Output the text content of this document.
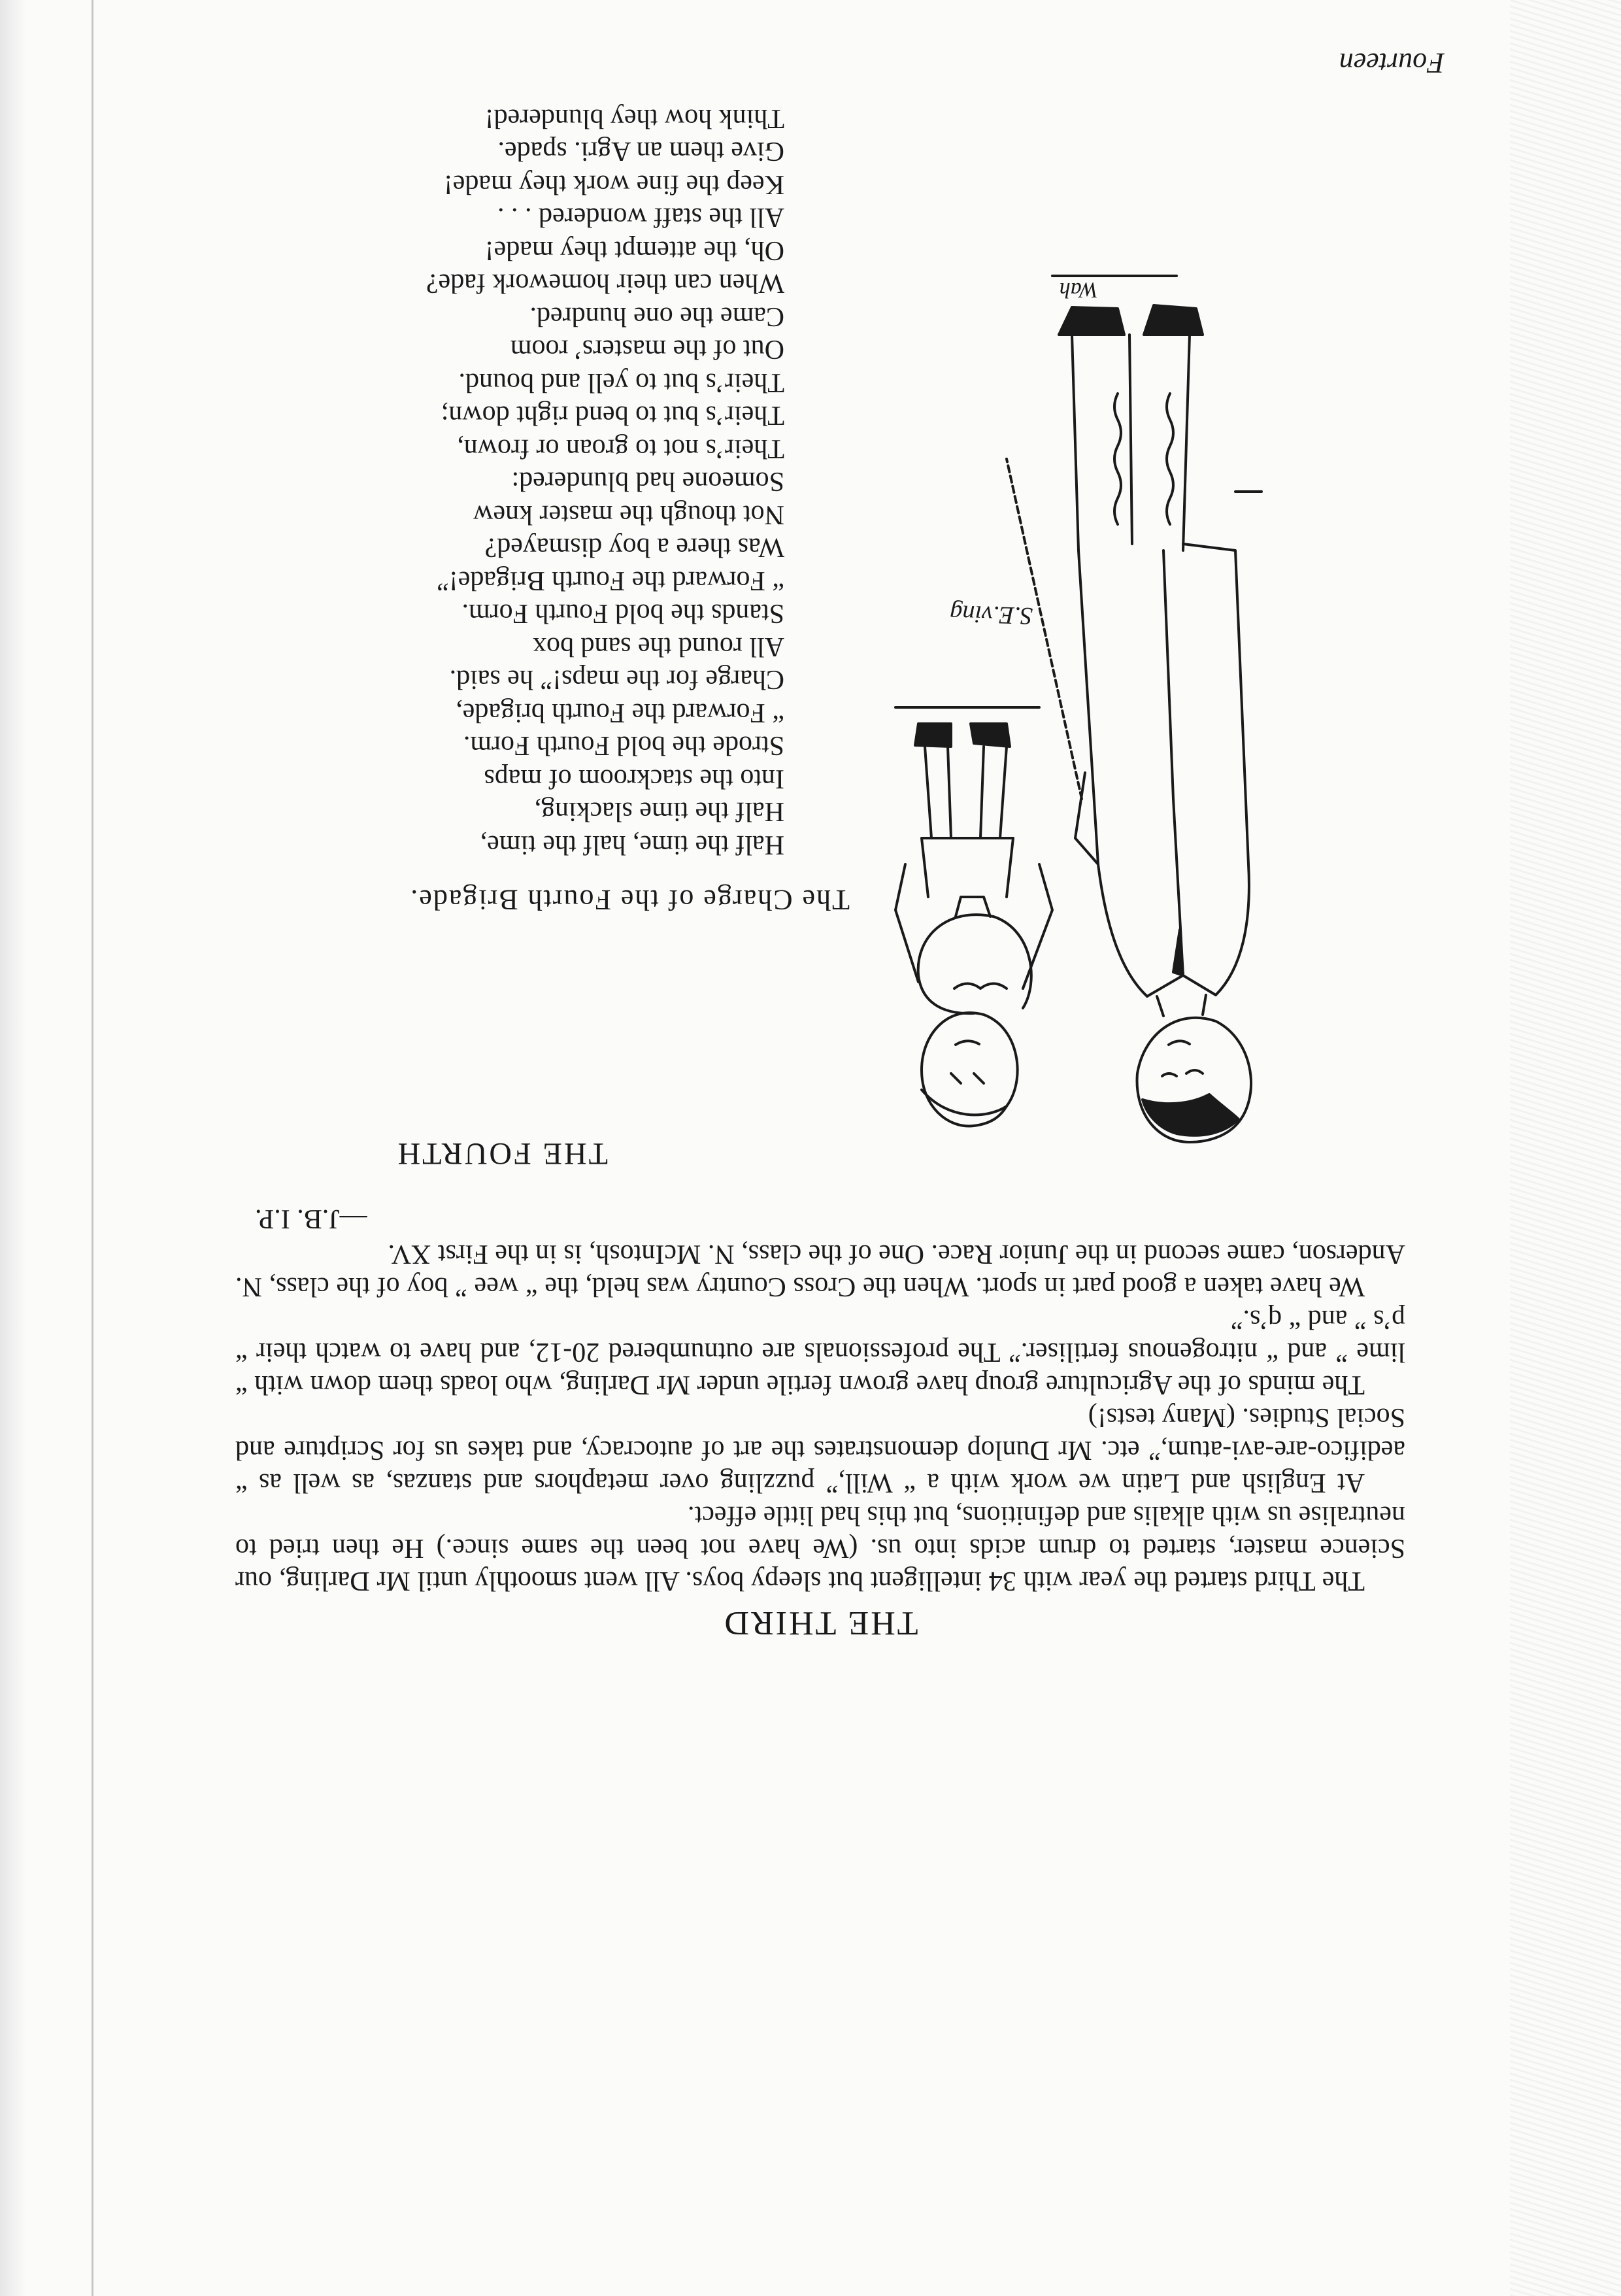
Fourteen
THE THIRD

The Third started the year with 34 intelligent but sleepy boys. All went smoothly until Mr Darling, our Science master, started to drum acids into us. (We have not been the same since.) He then tried to neutralise us with alkalis and definitions, but this had little effect.

At English and Latin we work with a “ Will,” puzzling over metaphors and stanzas, as well as “ aedifico-are-avi-atum,” etc. Mr Dunlop demonstrates the art of autocracy, and takes us for Scripture and Social Studies. (Many tests!)

The minds of the Agriculture group have grown fertile under Mr Darling, who loads them down with “ lime ” and “ nitrogenous fertiliser.” The professionals are outnumbered 20-12, and have to watch their “ p’s ” and “ q’s.”

We have taken a good part in sport. When the Cross Country was held, the “ wee ” boy of the class, N. Anderson, came second in the Junior Race. One of the class, N. McIntosh, is in the First XV.

—J.B. I.P.
THE FOURTH
S.E.ving
Wah
The Charge of the Fourth Brigade.
Half the time, half the time,
Half the time slacking,
Into the stackroom of maps
Strode the bold Fourth Form.
“ Forward the Fourth brigade,
Charge for the maps!” he said.
All round the sand box
Stands the bold Fourth Form.
“ Forward the Fourth Brigade!”
Was there a boy dismayed?
Not though the master knew
Someone had blundered:
Their’s not to groan or frown,
Their’s but to bend right down;
Their’s but to yell and bound.
Out of the masters’ room
Came the one hundred.
When can their homework fade?
Oh, the attempt they made!
All the staff wondered . . .
Keep the fine work they made!
Give them an Agri. spade.
Think how they blundered!
